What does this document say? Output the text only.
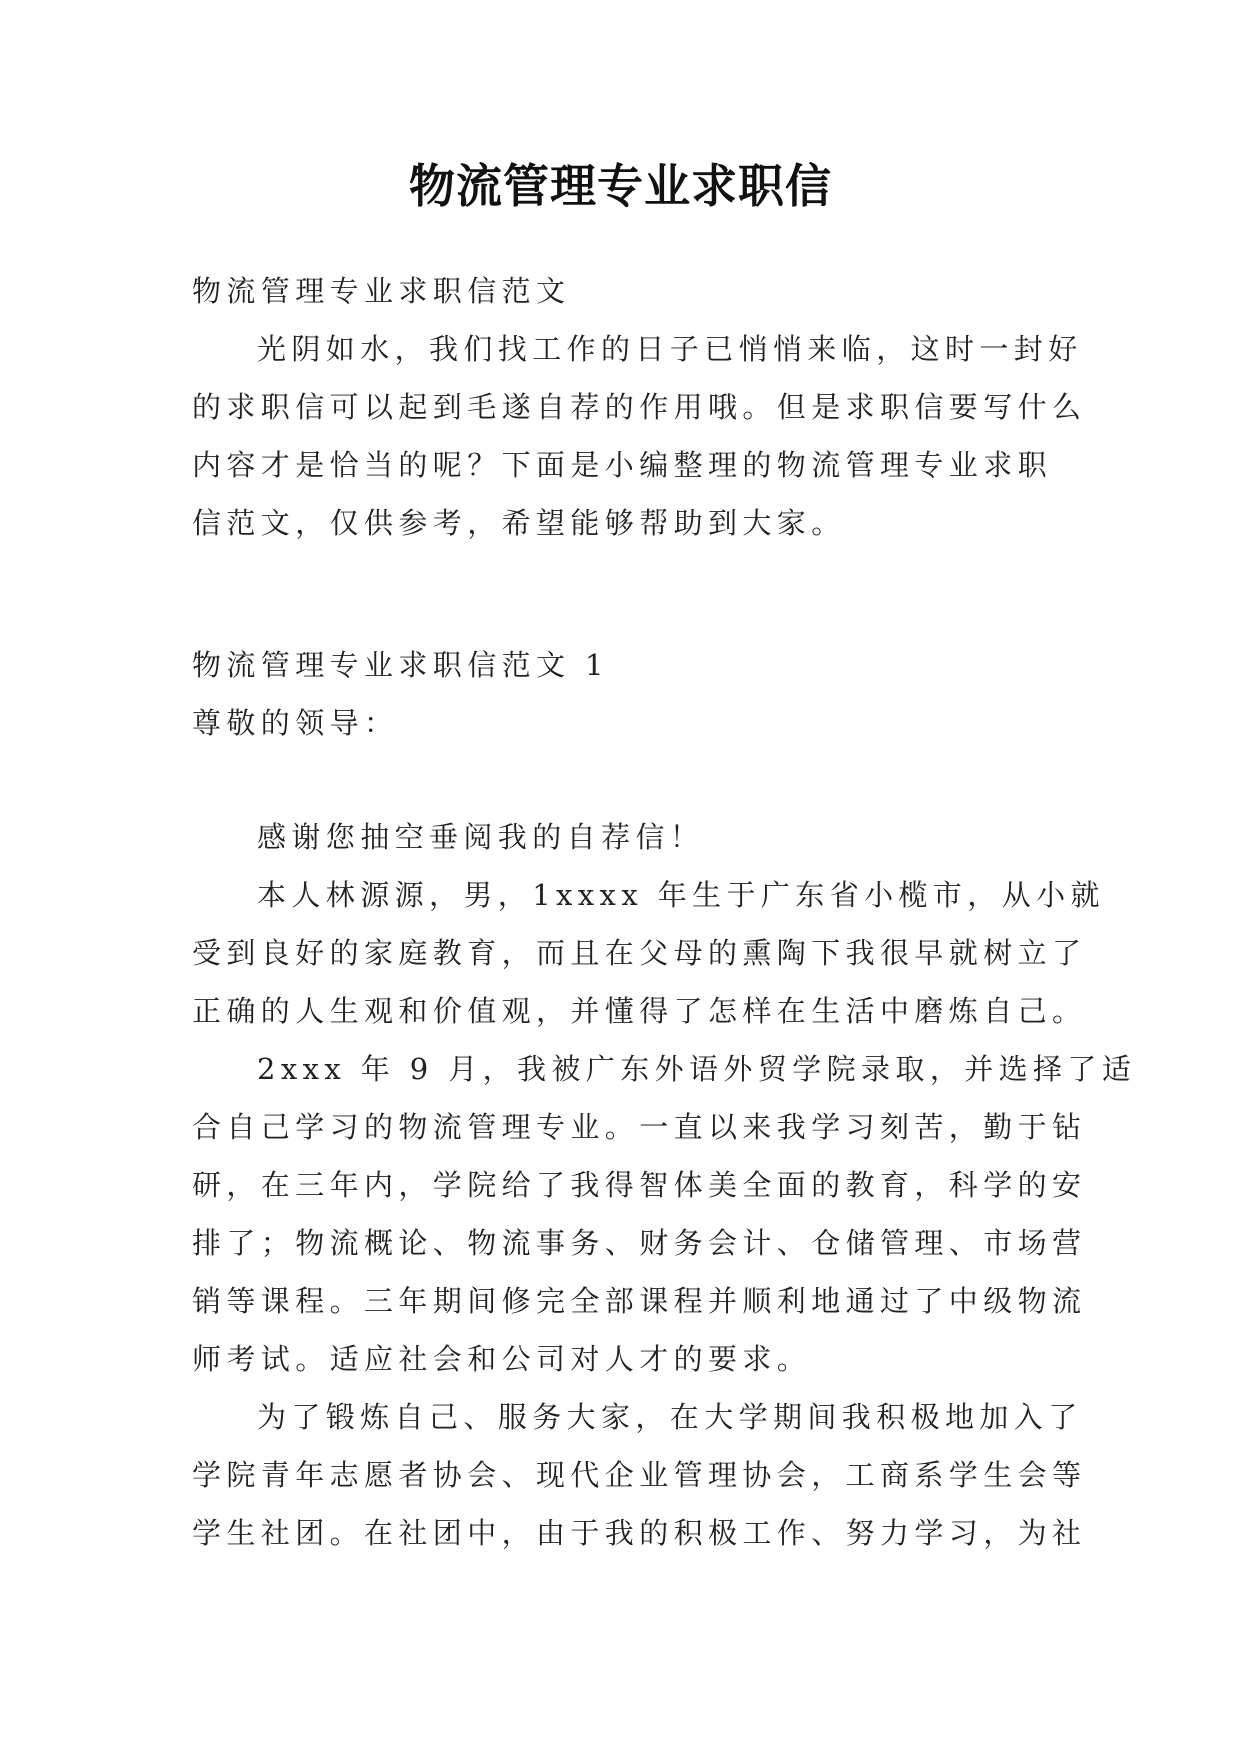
物流管理专业求职信
物流管理专业求职信范文
光阴如水，我们找工作的日子已悄悄来临，这时一封好
的求职信可以起到毛遂自荐的作用哦。但是求职信要写什么
内容才是恰当的呢？下面是小编整理的物流管理专业求职
信范文，仅供参考，希望能够帮助到大家。
物流管理专业求职信范文 1
尊敬的领导：
感谢您抽空垂阅我的自荐信！
本人林源源，男，1xxxx 年生于广东省小榄市，从小就
受到良好的家庭教育，而且在父母的熏陶下我很早就树立了
正确的人生观和价值观，并懂得了怎样在生活中磨炼自己。
2xxx 年 9 月，我被广东外语外贸学院录取，并选择了适
合自己学习的物流管理专业。一直以来我学习刻苦，勤于钻
研，在三年内，学院给了我得智体美全面的教育，科学的安
排了；物流概论、物流事务、财务会计、仓储管理、市场营
销等课程。三年期间修完全部课程并顺利地通过了中级物流
师考试。适应社会和公司对人才的要求。
为了锻炼自己、服务大家，在大学期间我积极地加入了
学院青年志愿者协会、现代企业管理协会，工商系学生会等
学生社团。在社团中，由于我的积极工作、努力学习，为社
